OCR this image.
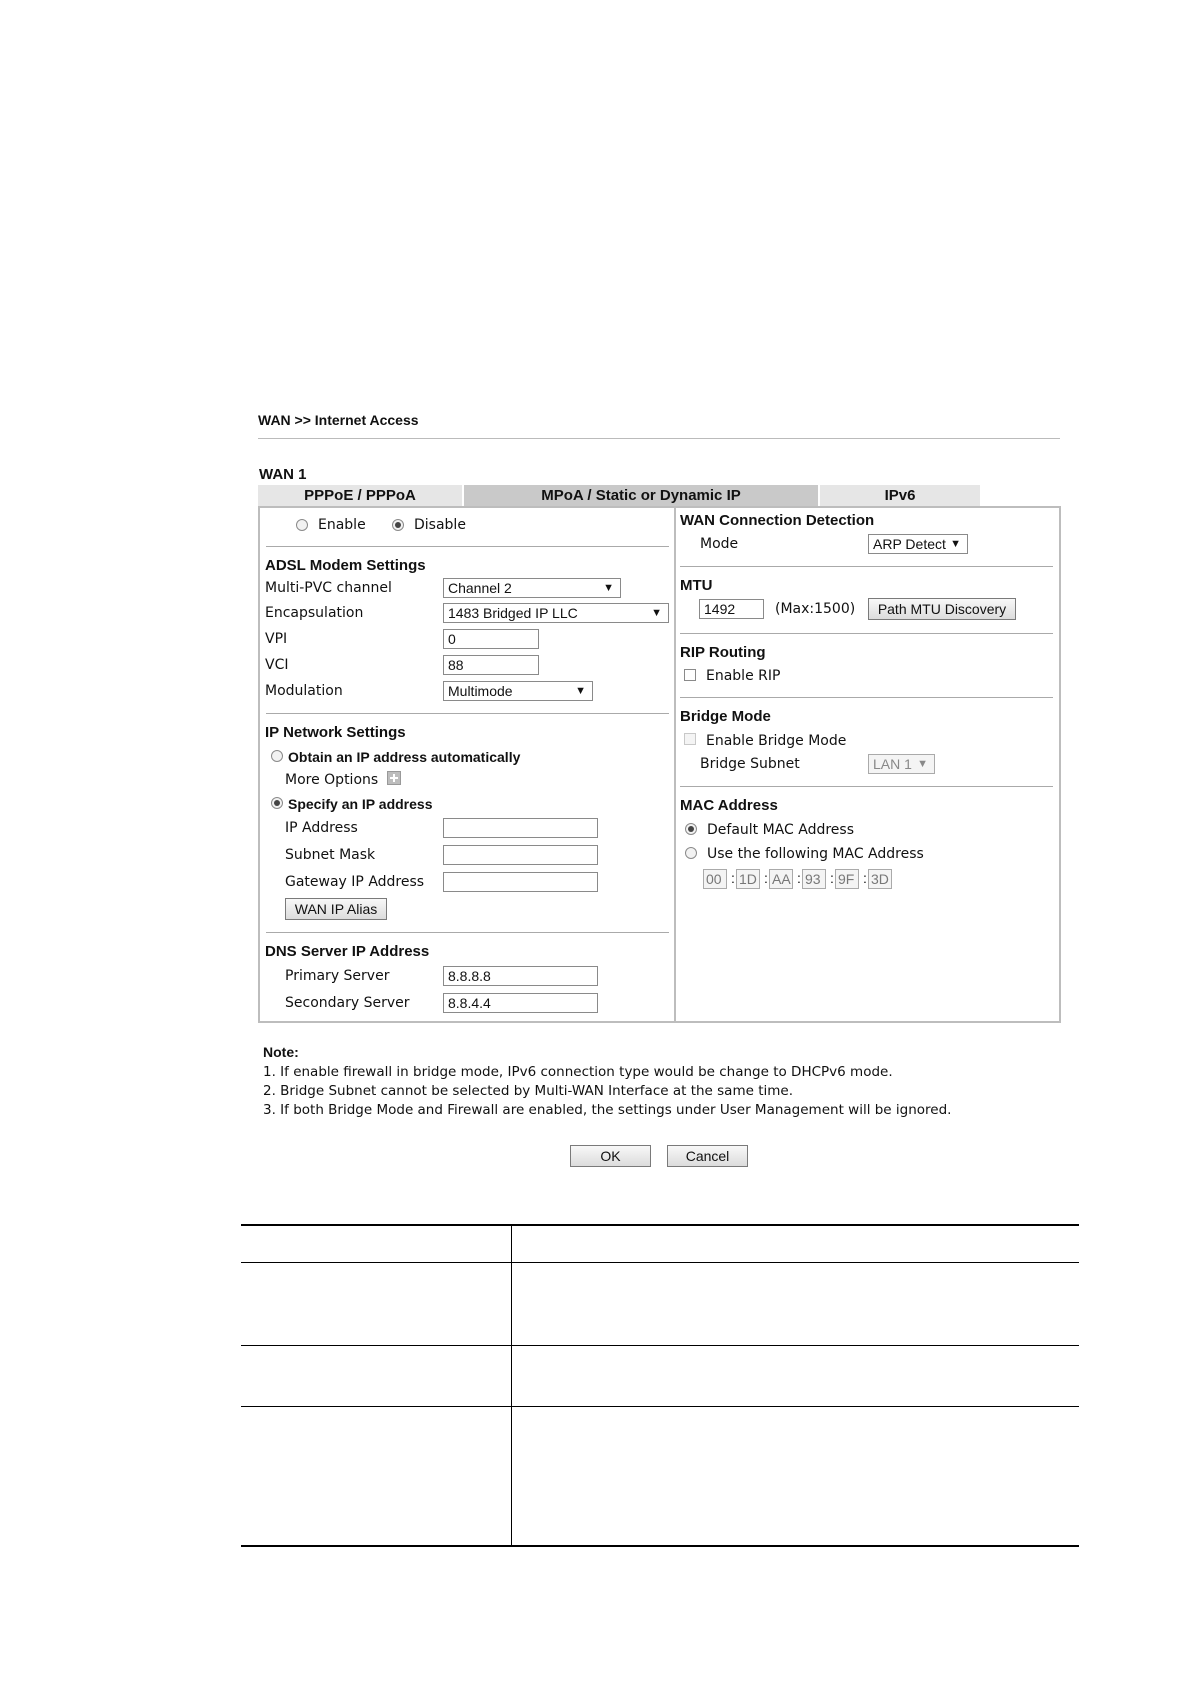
WAN >> Internet Access
WAN 1
PPPoE / PPPoA	MPoA / Static or Dynamic IP	IPv6
Enable	Disable
ADSL Modem Settings
Multi-PVC channel	Channel 2	▼
Encapsulation	1483 Bridged IP LLC	▼
VPI	0
VCI	88
Modulation	Multimode	▼
IP Network Settings
Obtain an IP address automatically
More Options
Specify an IP address
IP Address
Subnet Mask
Gateway IP Address
WAN IP Alias
DNS Server IP Address
Primary Server	8.8.8.8
Secondary Server	8.8.4.4
WAN Connection Detection
Mode	ARP Detect ▼
MTU
1492	(Max:1500)	Path MTU Discovery
RIP Routing
Enable RIP
Bridge Mode
Enable Bridge Mode
Bridge Subnet	LAN 1 ▼
MAC Address
Default MAC Address
Use the following MAC Address
00 : 1D : AA : 93 : 9F : 3D
Note:
1. If enable firewall in bridge mode, IPv6 connection type would be change to DHCPv6 mode.
2. Bridge Subnet cannot be selected by Multi-WAN Interface at the same time.
3. If both Bridge Mode and Firewall are enabled, the settings under User Management will be ignored.
OK	Cancel
